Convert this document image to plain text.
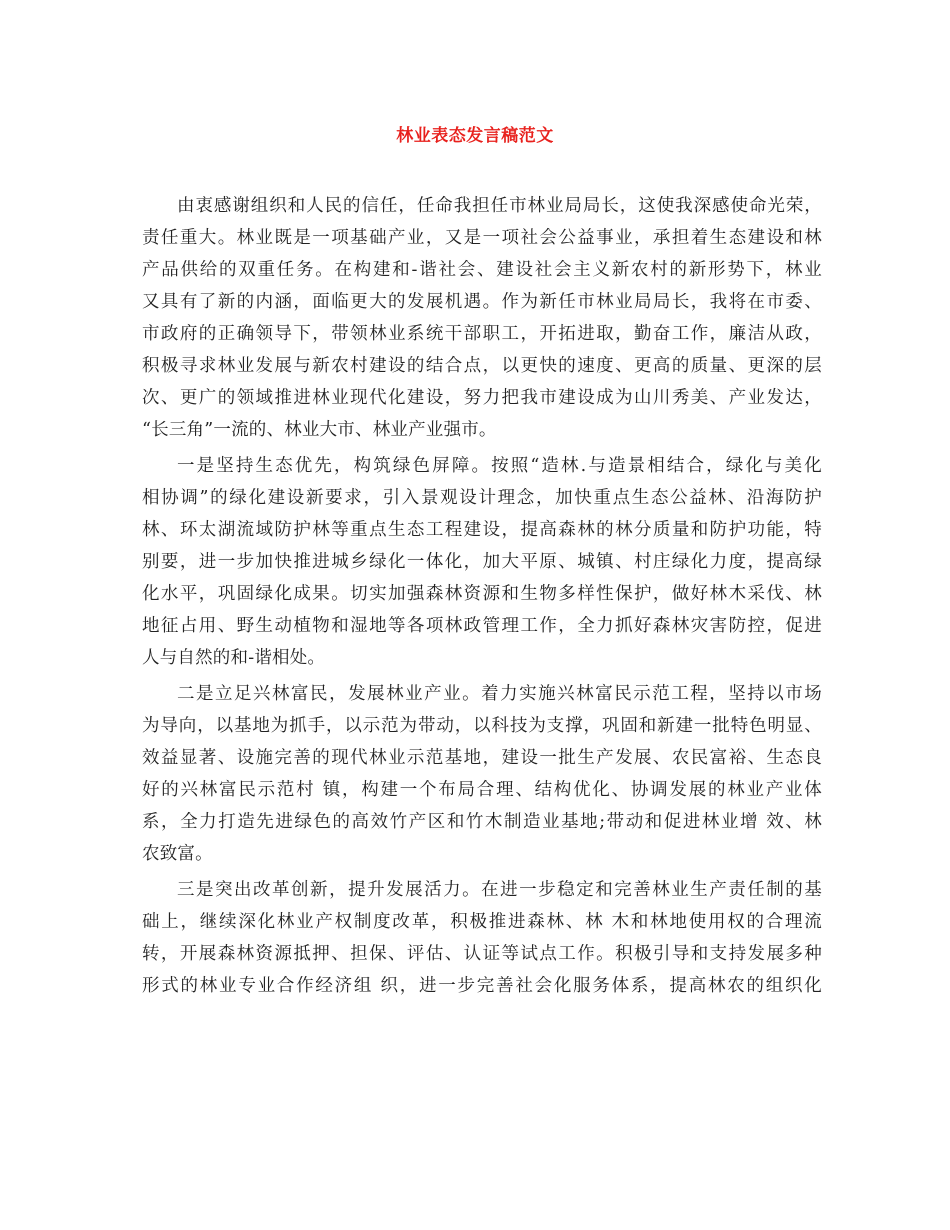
林业表态发言稿范文
由衷感谢组织和人民的信任，任命我担任市林业局局长，这使我深感使命光荣，
责任重大。林业既是一项基础产业，又是一项社会公益事业，承担着生态建设和林
产品供给的双重任务。在构建和-谐社会、建设社会主义新农村的新形势下，林业
又具有了新的内涵，面临更大的发展机遇。作为新任市林业局局长，我将在市委、
市政府的正确领导下，带领林业系统干部职工，开拓进取，勤奋工作，廉洁从政，
积极寻求林业发展与新农村建设的结合点，以更快的速度、更高的质量、更深的层
次、更广的领域推进林业现代化建设，努力把我市建设成为山川秀美、产业发达，
“长三角”一流的、林业大市、林业产业强市。
一是坚持生态优先，构筑绿色屏障。按照“造林.与造景相结合，绿化与美化
相协调”的绿化建设新要求，引入景观设计理念，加快重点生态公益林、沿海防护
林、环太湖流域防护林等重点生态工程建设，提高森林的林分质量和防护功能，特
别要，进一步加快推进城乡绿化一体化，加大平原、城镇、村庄绿化力度，提高绿
化水平，巩固绿化成果。切实加强森林资源和生物多样性保护，做好林木采伐、林
地征占用、野生动植物和湿地等各项林政管理工作，全力抓好森林灾害防控，促进
人与自然的和-谐相处。
二是立足兴林富民，发展林业产业。着力实施兴林富民示范工程，坚持以市场
为导向，以基地为抓手，以示范为带动，以科技为支撑，巩固和新建一批特色明显、
效益显著、设施完善的现代林业示范基地，建设一批生产发展、农民富裕、生态良
好的兴林富民示范村 镇，构建一个布局合理、结构优化、协调发展的林业产业体
系，全力打造先进绿色的高效竹产区和竹木制造业基地;带动和促进林业增 效、林
农致富。
三是突出改革创新，提升发展活力。在进一步稳定和完善林业生产责任制的基
础上，继续深化林业产权制度改革，积极推进森林、林 木和林地使用权的合理流
转，开展森林资源抵押、担保、评估、认证等试点工作。积极引导和支持发展多种
形式的林业专业合作经济组 织，进一步完善社会化服务体系，提高林农的组织化
